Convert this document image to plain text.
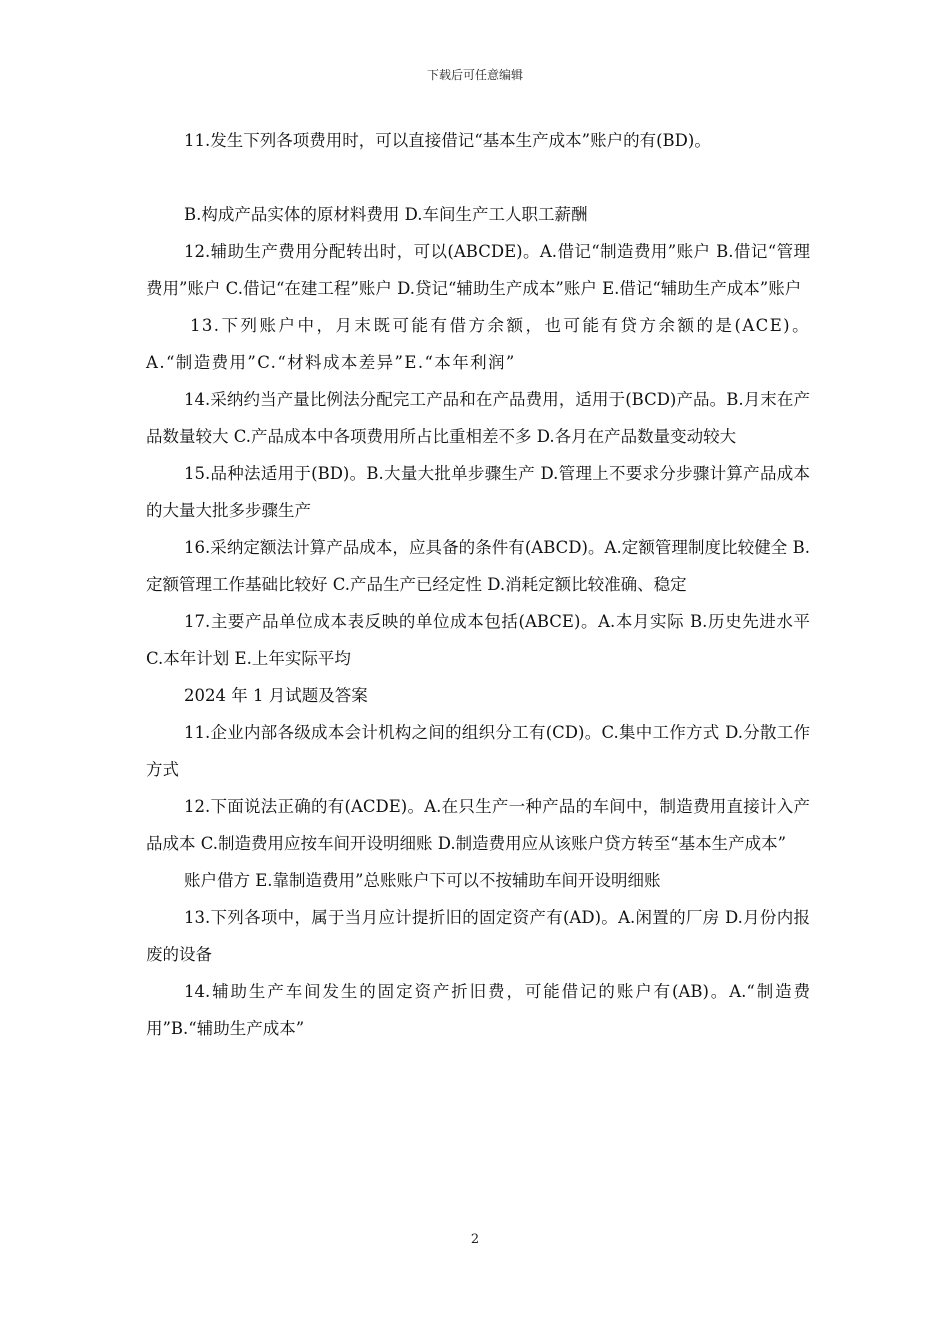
下载后可任意编辑

11.发生下列各项费用时，可以直接借记“基本生产成本”账户的有(BD)。

B.构成产品实体的原材料费用 D.车间生产工人职工薪酬

12.辅助生产费用分配转出时，可以(ABCDE)。A.借记“制造费用”账户 B.借记“管理费用”账户 C.借记“在建工程”账户 D.贷记“辅助生产成本”账户 E.借记“辅助生产成本”账户

13.下列账户中，月末既可能有借方余额，也可能有贷方余额的是(ACE)。A.“制造费用”C.“材料成本差异”E.“本年利润”

14.采纳约当产量比例法分配完工产品和在产品费用，适用于(BCD)产品。B.月末在产品数量较大 C.产品成本中各项费用所占比重相差不多 D.各月在产品数量变动较大

15.品种法适用于(BD)。B.大量大批单步骤生产 D.管理上不要求分步骤计算产品成本的大量大批多步骤生产

16.采纳定额法计算产品成本，应具备的条件有(ABCD)。A.定额管理制度比较健全 B.定额管理工作基础比较好 C.产品生产已经定性 D.消耗定额比较准确、稳定

17.主要产品单位成本表反映的单位成本包括(ABCE)。A.本月实际 B.历史先进水平 C.本年计划 E.上年实际平均

2024 年 1 月试题及答案

11.企业内部各级成本会计机构之间的组织分工有(CD)。C.集中工作方式 D.分散工作方式

12.下面说法正确的有(ACDE)。A.在只生产一种产品的车间中，制造费用直接计入产品成本 C.制造费用应按车间开设明细账 D.制造费用应从该账户贷方转至“基本生产成本”

账户借方 E.靠制造费用”总账账户下可以不按辅助车间开设明细账

13.下列各项中，属于当月应计提折旧的固定资产有(AD)。A.闲置的厂房 D.月份内报废的设备

14.辅助生产车间发生的固定资产折旧费，可能借记的账户有(AB)。A.“制造费用”B.“辅助生产成本”

2
